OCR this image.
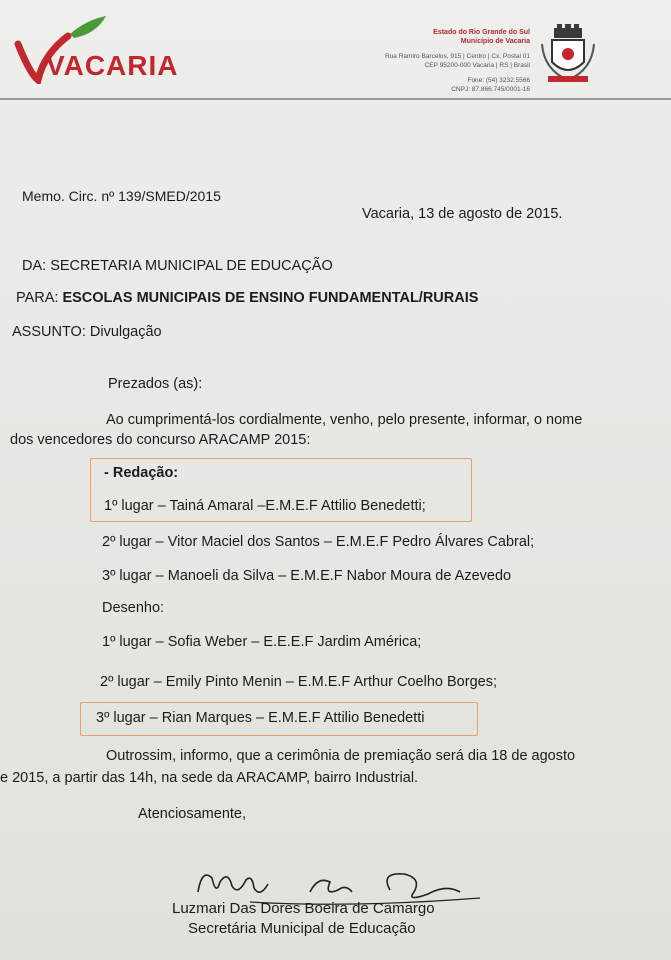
VACARIA
Estado do Rio Grande do Sul
Município de Vacaria
Rua Ramiro Barcelos, 915 | Centro | Cx. Postal 01
CEP 95200-000 Vacaria | RS | Brasil
Fone: (54) 3232.5566
CNPJ: 87.866.745/0001-16
Memo. Circ. nº 139/SMED/2015
Vacaria, 13 de agosto de 2015.
DA: SECRETARIA MUNICIPAL DE EDUCAÇÃO
PARA: ESCOLAS MUNICIPAIS DE ENSINO FUNDAMENTAL/RURAIS
ASSUNTO: Divulgação
Prezados (as):
Ao cumprimentá-los cordialmente, venho, pelo presente, informar, o nome
dos vencedores do concurso ARACAMP 2015:
- Redação:
1º lugar – Tainá Amaral –E.M.E.F Attilio Benedetti;
2º lugar – Vitor Maciel dos Santos – E.M.E.F Pedro Álvares Cabral;
3º lugar – Manoeli da Silva – E.M.E.F Nabor Moura de Azevedo
Desenho:
1º lugar – Sofia Weber – E.E.E.F Jardim América;
2º lugar – Emily Pinto Menin – E.M.E.F Arthur Coelho Borges;
3º lugar – Rian Marques – E.M.E.F Attilio Benedetti
Outrossim, informo, que a cerimônia de premiação será dia 18 de agosto
e 2015, a partir das 14h, na sede da ARACAMP, bairro Industrial.
Atenciosamente,
Luzmari Das Dores Boeira de Camargo
Secretária Municipal de Educação
